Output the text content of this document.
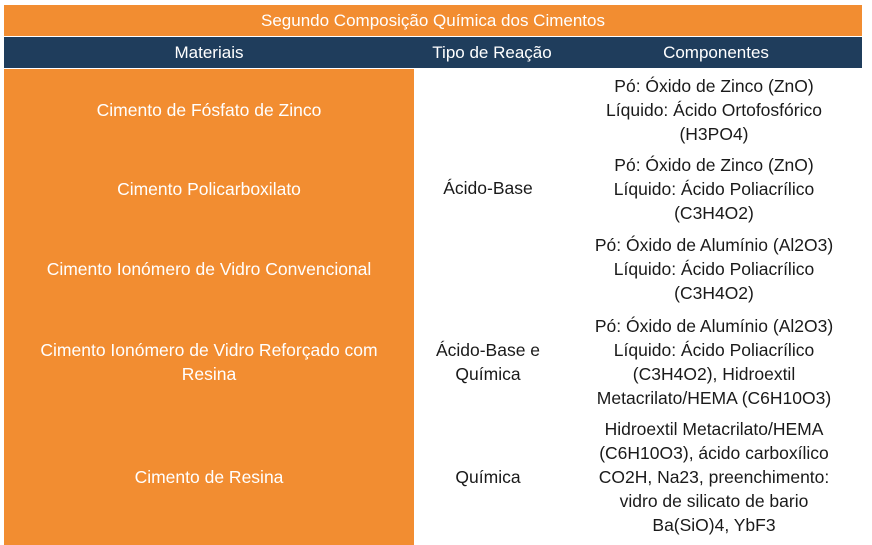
Segundo Composição Química dos Cimentos
Materiais	Tipo de Reação	Componentes
Cimento de Fósfato de Zinco
Pó: Óxido de Zinco (ZnO)
Líquido: Ácido Ortofosfórico
(H3PO4)
Cimento Policarboxilato
Pó: Óxido de Zinco (ZnO)
Líquido: Ácido Poliacrílico
(C3H4O2)
Cimento Ionómero de Vidro Convencional
Pó: Óxido de Alumínio (Al2O3)
Líquido: Ácido Poliacrílico
(C3H4O2)
Cimento Ionómero de Vidro Reforçado com
Resina
Pó: Óxido de Alumínio (Al2O3)
Líquido: Ácido Poliacrílico
(C3H4O2), Hidroextil
Metacrilato/HEMA (C6H10O3)
Cimento de Resina
Hidroextil Metacrilato/HEMA
(C6H10O3), ácido carboxílico
CO2H, Na23, preenchimento:
vidro de silicato de bario
Ba(SiO)4, YbF3
Ácido-Base
Ácido-Base e
Química
Química
